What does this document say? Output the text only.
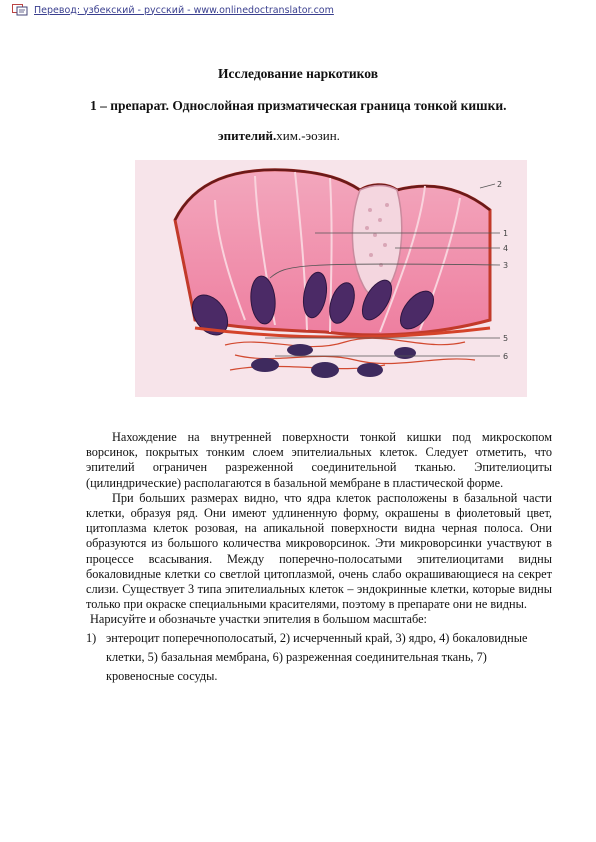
Перевод: узбекский - русский - www.onlinedoctranslator.com
Исследование наркотиков
1 – препарат. Однослойная призматическая граница тонкой кишки.
эпителий.хим.-эозин.
2
1
4
3
5
6

Нахождение на внутренней поверхности тонкой кишки под микроскопом ворсинок, покрытых тонким слоем эпителиальных клеток. Следует отметить, что эпителий ограничен разреженной соединительной тканью. Эпителиоциты (цилиндрические) располагаются в базальной мембране в пластической форме.

При больших размерах видно, что ядра клеток расположены в базальной части клетки, образуя ряд. Они имеют удлиненную форму, окрашены в фиолетовый цвет, цитоплазма клеток розовая, на апикальной поверхности видна черная полоса. Они образуются из большого количества микроворсинок. Эти микроворсинки участвуют в процессе всасывания. Между поперечно-полосатыми эпителиоцитами видны бокаловидные клетки со светлой цитоплазмой, очень слабо окрашивающиеся на секрет слизи. Существует 3 типа эпителиальных клеток – эндокринные клетки, которые видны только при окраске специальными красителями, поэтому в препарате они не видны.

Нарисуйте и обозначьте участки эпителия в большом масштабе:

1) энтероцит поперечнополосатый, 2) исчерченный край, 3) ядро, 4) бокаловидные клетки, 5) базальная мембрана, 6) разреженная соединительная ткань, 7) кровеносные сосуды.
